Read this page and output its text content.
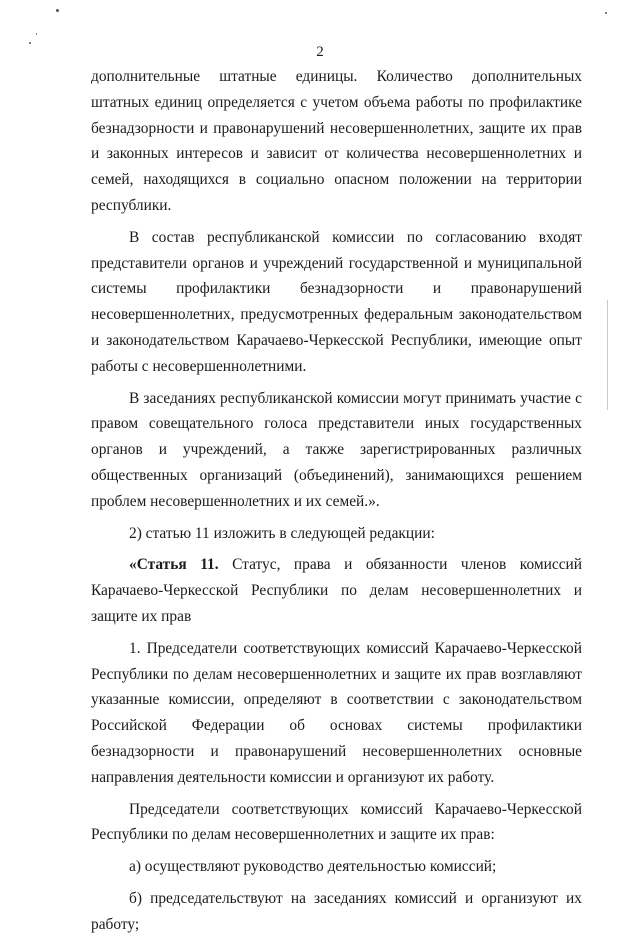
2

дополнительные штатные единицы. Количество дополнительных штатных единиц определяется с учетом объема работы по профилактике безнадзорности и правонарушений несовершеннолетних, защите их прав и законных интересов и зависит от количества несовершеннолетних и семей, находящихся в социально опасном положении на территории республики.

В состав республиканской комиссии по согласованию входят представители органов и учреждений государственной и муниципальной системы профилактики безнадзорности и правонарушений несовершеннолетних, предусмотренных федеральным законодательством и законодательством Карачаево-Черкесской Республики, имеющие опыт работы с несовершеннолетними.

В заседаниях республиканской комиссии могут принимать участие с правом совещательного голоса представители иных государственных органов и учреждений, а также зарегистрированных различных общественных организаций (объединений), занимающихся решением проблем несовершеннолетних и их семей.».

2) статью 11 изложить в следующей редакции:

«Статья 11. Статус, права и обязанности членов комиссий Карачаево-Черкесской Республики по делам несовершеннолетних и защите их прав

1. Председатели соответствующих комиссий Карачаево-Черкесской Республики по делам несовершеннолетних и защите их прав возглавляют указанные комиссии, определяют в соответствии с законодательством Российской Федерации об основах системы профилактики безнадзорности и правонарушений несовершеннолетних основные направления деятельности комиссии и организуют их работу.

Председатели соответствующих комиссий Карачаево-Черкесской Республики по делам несовершеннолетних и защите их прав:

а) осуществляют руководство деятельностью комиссий;

б) председательствуют на заседаниях комиссий и организуют их работу;
